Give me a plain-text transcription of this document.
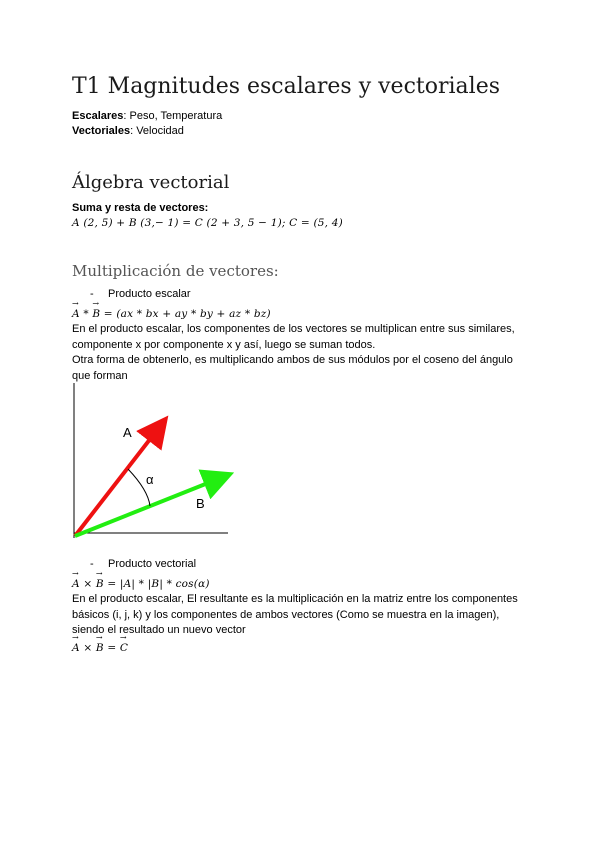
T1 Magnitudes escalares y vectoriales
Escalares: Peso, Temperatura
Vectoriales: Velocidad
Álgebra vectorial
Suma y resta de vectores:
A (2, 5) + B (3,− 1) = C (2 + 3, 5 − 1); C = (5, 4)
Multiplicación de vectores:
- Producto escalar
→ A * → B = (ax * bx + ay * by + az * bz)
En el producto escalar, los componentes de los vectores se multiplican entre sus similares, componente x por componente x y así, luego se suman todos.
Otra forma de obtenerlo, es multiplicando ambos de sus módulos por el coseno del ángulo que forman
A
α
B
- Producto vectorial
→ A × → B = |A| * |B| * cos(α)
En el producto escalar, El resultante es la multiplicación en la matriz entre los componentes básicos (i, j, k) y los componentes de ambos vectores (Como se muestra en la imagen), siendo el resultado un nuevo vector
→ A × → B = → C
